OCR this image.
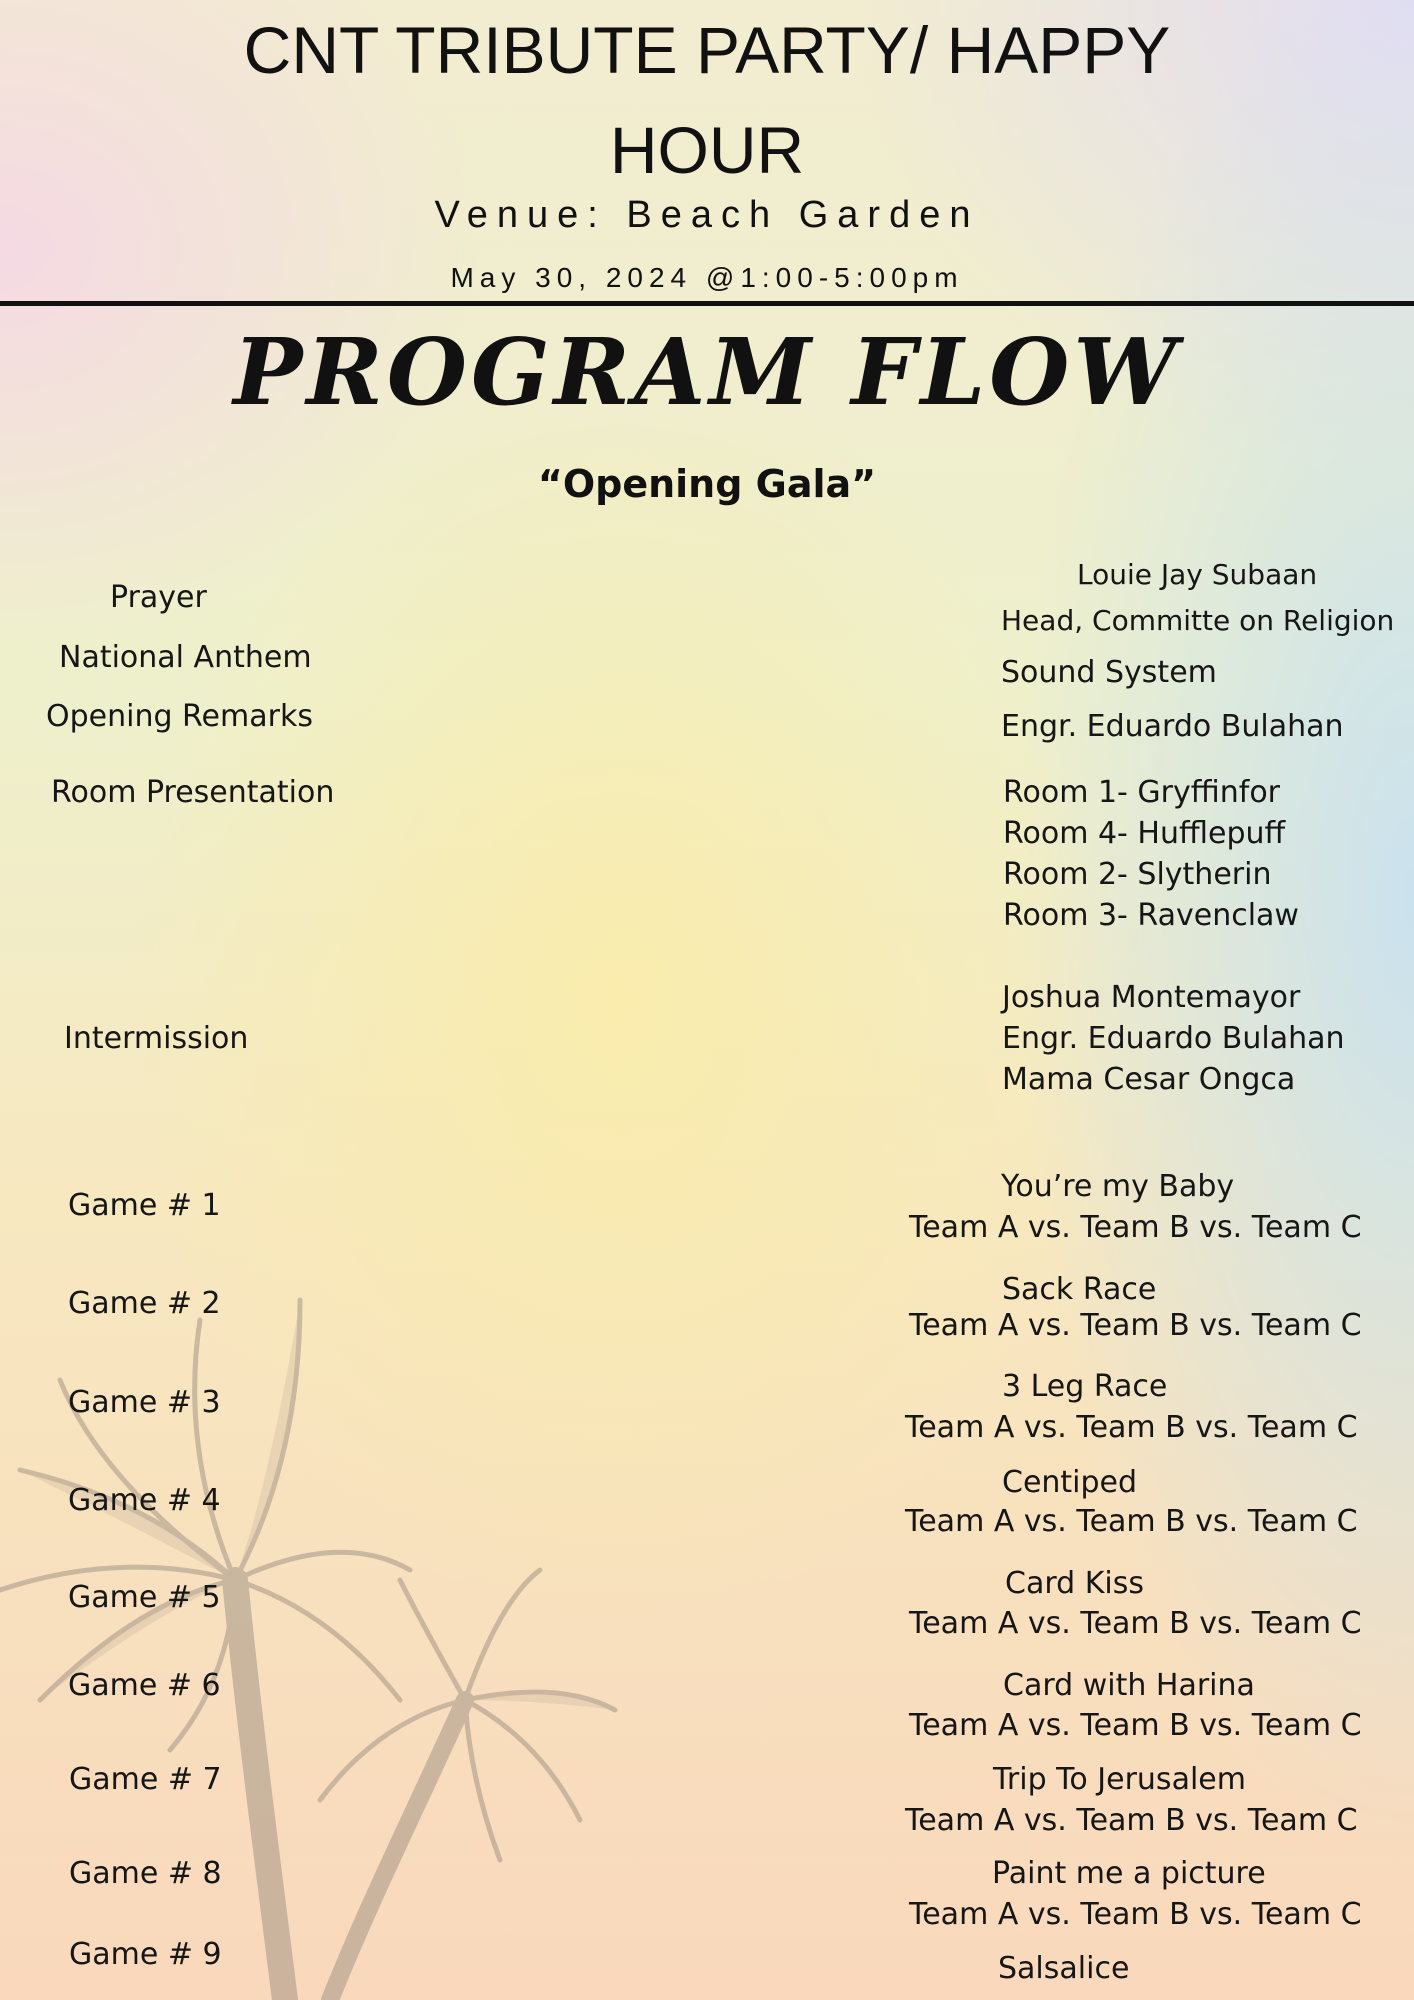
CNT TRIBUTE PARTY/ HAPPY
HOUR
Venue: Beach Garden
May 30, 2024 @1:00-5:00pm
PROGRAM FLOW
“Opening Gala”
Prayer
National Anthem
Opening Remarks
Room Presentation
Intermission
Game # 1
Game # 2
Game # 3
Game # 4
Game # 5
Game # 6
Game # 7
Game # 8
Game # 9
Louie Jay Subaan
Head, Committe on Religion
Sound System
Engr. Eduardo Bulahan
Room 1- Gryffinfor
Room 4- Hufflepuff
Room 2- Slytherin
Room 3- Ravenclaw
Joshua Montemayor
Engr. Eduardo Bulahan
Mama Cesar Ongca
You’re my Baby
Team A vs. Team B vs. Team C
Sack Race
Team A vs. Team B vs. Team C
3 Leg Race
Team A vs. Team B vs. Team C
Centiped
Team A vs. Team B vs. Team C
Card Kiss
Team A vs. Team B vs. Team C
Card with Harina
Team A vs. Team B vs. Team C
Trip To Jerusalem
Team A vs. Team B vs. Team C
Paint me a picture
Team A vs. Team B vs. Team C
Salsalice
